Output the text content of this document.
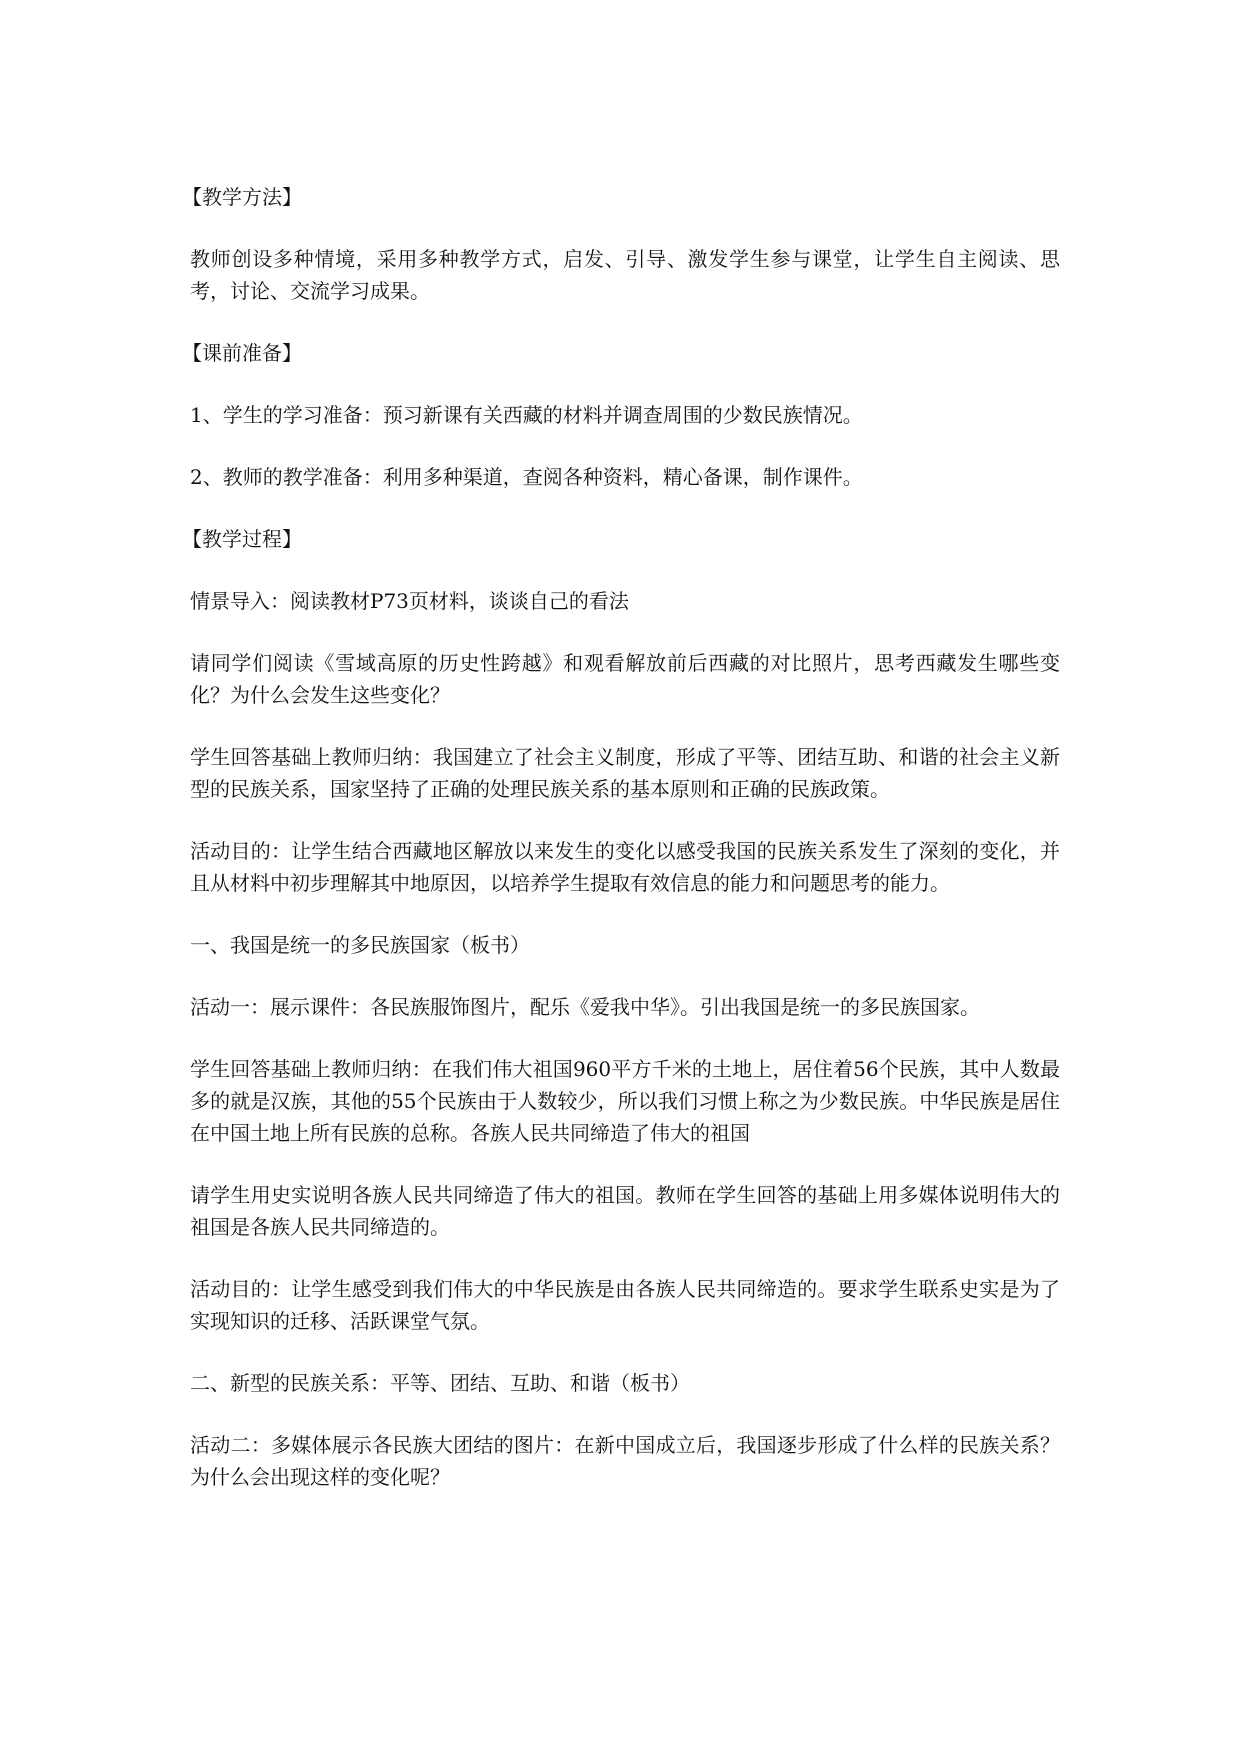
【教学方法】

教师创设多种情境，采用多种教学方式，启发、引导、激发学生参与课堂，让学生自主阅读、思考，讨论、交流学习成果。

【课前准备】

1、学生的学习准备：预习新课有关西藏的材料并调查周围的少数民族情况。

2、教师的教学准备：利用多种渠道，查阅各种资料，精心备课，制作课件。

【教学过程】

情景导入：阅读教材P73页材料，谈谈自己的看法

请同学们阅读《雪域高原的历史性跨越》和观看解放前后西藏的对比照片，思考西藏发生哪些变化？为什么会发生这些变化？

学生回答基础上教师归纳：我国建立了社会主义制度，形成了平等、团结互助、和谐的社会主义新型的民族关系，国家坚持了正确的处理民族关系的基本原则和正确的民族政策。

活动目的：让学生结合西藏地区解放以来发生的变化以感受我国的民族关系发生了深刻的变化，并且从材料中初步理解其中地原因，以培养学生提取有效信息的能力和问题思考的能力。

一、我国是统一的多民族国家（板书）

活动一：展示课件：各民族服饰图片，配乐《爱我中华》。引出我国是统一的多民族国家。

学生回答基础上教师归纳：在我们伟大祖国960平方千米的土地上，居住着56个民族，其中人数最多的就是汉族，其他的55个民族由于人数较少，所以我们习惯上称之为少数民族。中华民族是居住在中国土地上所有民族的总称。各族人民共同缔造了伟大的祖国

请学生用史实说明各族人民共同缔造了伟大的祖国。教师在学生回答的基础上用多媒体说明伟大的祖国是各族人民共同缔造的。

活动目的：让学生感受到我们伟大的中华民族是由各族人民共同缔造的。要求学生联系史实是为了实现知识的迁移、活跃课堂气氛。

二、新型的民族关系：平等、团结、互助、和谐（板书）

活动二：多媒体展示各民族大团结的图片：在新中国成立后，我国逐步形成了什么样的民族关系？为什么会出现这样的变化呢？
